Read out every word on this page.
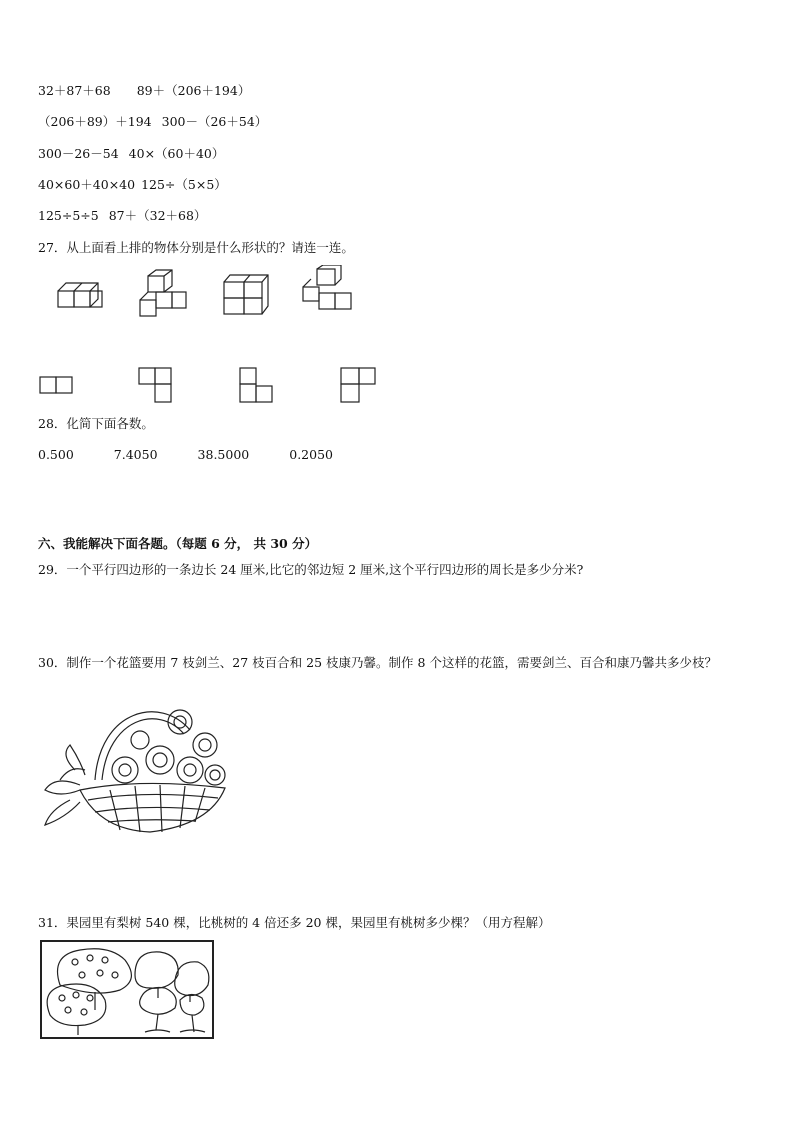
32＋87＋68 89＋（206＋194）
（206＋89）＋194 300－（26＋54）
300－26－54 40×（60＋40）
40×60＋40×40 125÷（5×5）
125÷5÷5 87＋（32＋68）
27．从上面看上排的物体分别是什么形状的？请连一连。
28．化简下面各数。
0.500	7.4050	38.5000	0.2050
六、我能解决下面各题。（每题 6 分， 共 30 分）
29．一个平行四边形的一条边长 24 厘米,比它的邻边短 2 厘米,这个平行四边形的周长是多少分米?
30．制作一个花篮要用 7 枝剑兰、27 枝百合和 25 枝康乃馨。制作 8 个这样的花篮，需要剑兰、百合和康乃馨共多少枝？
31．果园里有梨树 540 棵，比桃树的 4 倍还多 20 棵，果园里有桃树多少棵？（用方程解）
